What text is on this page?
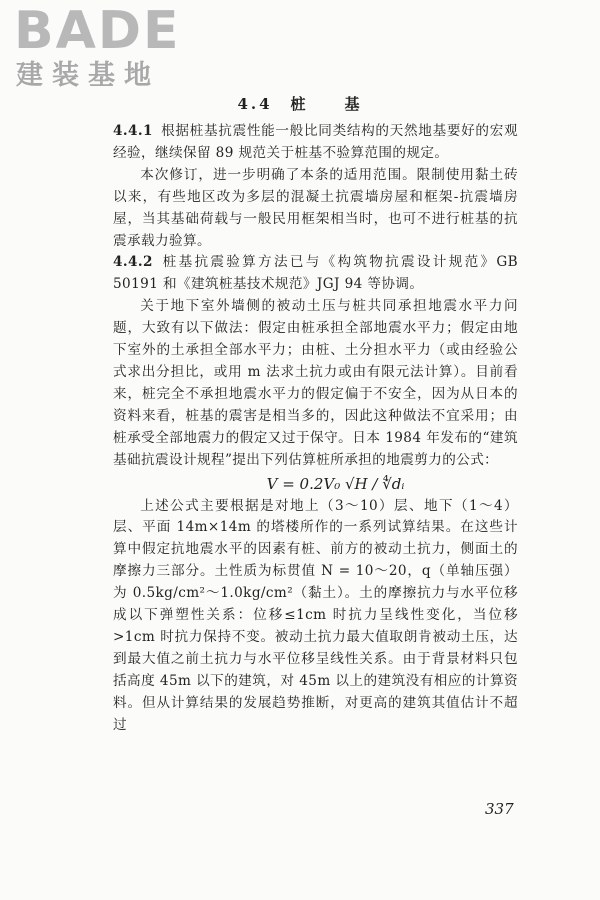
BADE
建装基地
4.4　桩　　基

4.4.1 根据桩基抗震性能一般比同类结构的天然地基要好的宏观经验，继续保留 89 规范关于桩基不验算范围的规定。

本次修订，进一步明确了本条的适用范围。限制使用黏土砖以来，有些地区改为多层的混凝土抗震墙房屋和框架-抗震墙房屋，当其基础荷载与一般民用框架相当时，也可不进行桩基的抗震承载力验算。

4.4.2 桩基抗震验算方法已与《构筑物抗震设计规范》GB 50191 和《建筑桩基技术规范》JGJ 94 等协调。

关于地下室外墙侧的被动土压与桩共同承担地震水平力问题，大致有以下做法：假定由桩承担全部地震水平力；假定由地下室外的土承担全部水平力；由桩、土分担水平力（或由经验公式求出分担比，或用 m 法求土抗力或由有限元法计算）。目前看来，桩完全不承担地震水平力的假定偏于不安全，因为从日本的资料来看，桩基的震害是相当多的，因此这种做法不宜采用；由桩承受全部地震力的假定又过于保守。日本 1984 年发布的“建筑基础抗震设计规程”提出下列估算桩所承担的地震剪力的公式：

V = 0.2V₀ √H / ∜dᵢ

上述公式主要根据是对地上（3～10）层、地下（1～4）层、平面 14m×14m 的塔楼所作的一系列试算结果。在这些计算中假定抗地震水平的因素有桩、前方的被动土抗力，侧面土的摩擦力三部分。土性质为标贯值 N = 10～20，q（单轴压强）为 0.5kg/cm²～1.0kg/cm²（黏土）。土的摩擦抗力与水平位移成以下弹塑性关系：位移≤1cm 时抗力呈线性变化，当位移>1cm 时抗力保持不变。被动土抗力最大值取朗肯被动土压，达到最大值之前土抗力与水平位移呈线性关系。由于背景材料只包括高度 45m 以下的建筑，对 45m 以上的建筑没有相应的计算资料。但从计算结果的发展趋势推断，对更高的建筑其值估计不超过

337
